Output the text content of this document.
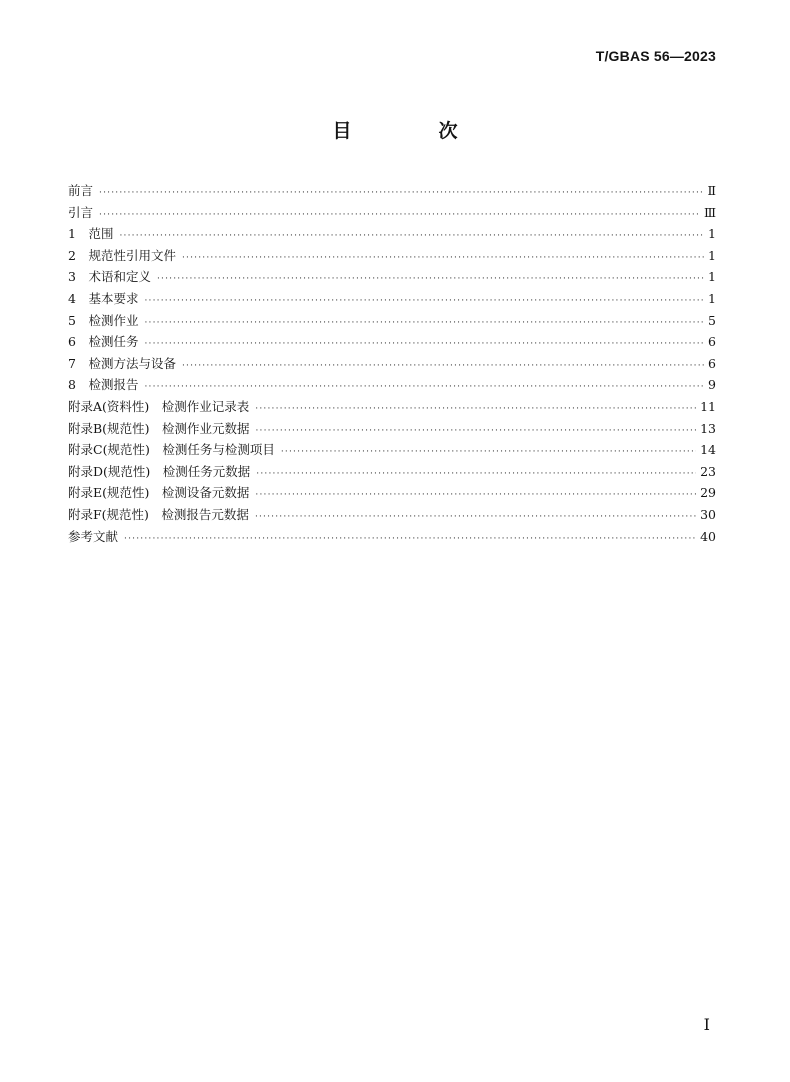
T/GBAS 56—2023
目　次
前言 ·····	Ⅱ
引言 ·····	Ⅲ
1　范围 ·····	1
2　规范性引用文件 ·····	1
3　术语和定义 ·····	1
4　基本要求 ·····	1
5　检测作业 ·····	5
6　检测任务 ·····	6
7　检测方法与设备 ·····	6
8　检测报告 ·····	9
附录A(资料性)　检测作业记录表 ·····	11
附录B(规范性)　检测作业元数据 ·····	13
附录C(规范性)　检测任务与检测项目 ·····	14
附录D(规范性)　检测任务元数据 ·····	23
附录E(规范性)　检测设备元数据 ·····	29
附录F(规范性)　检测报告元数据 ·····	30
参考文献 ·····	40
I
